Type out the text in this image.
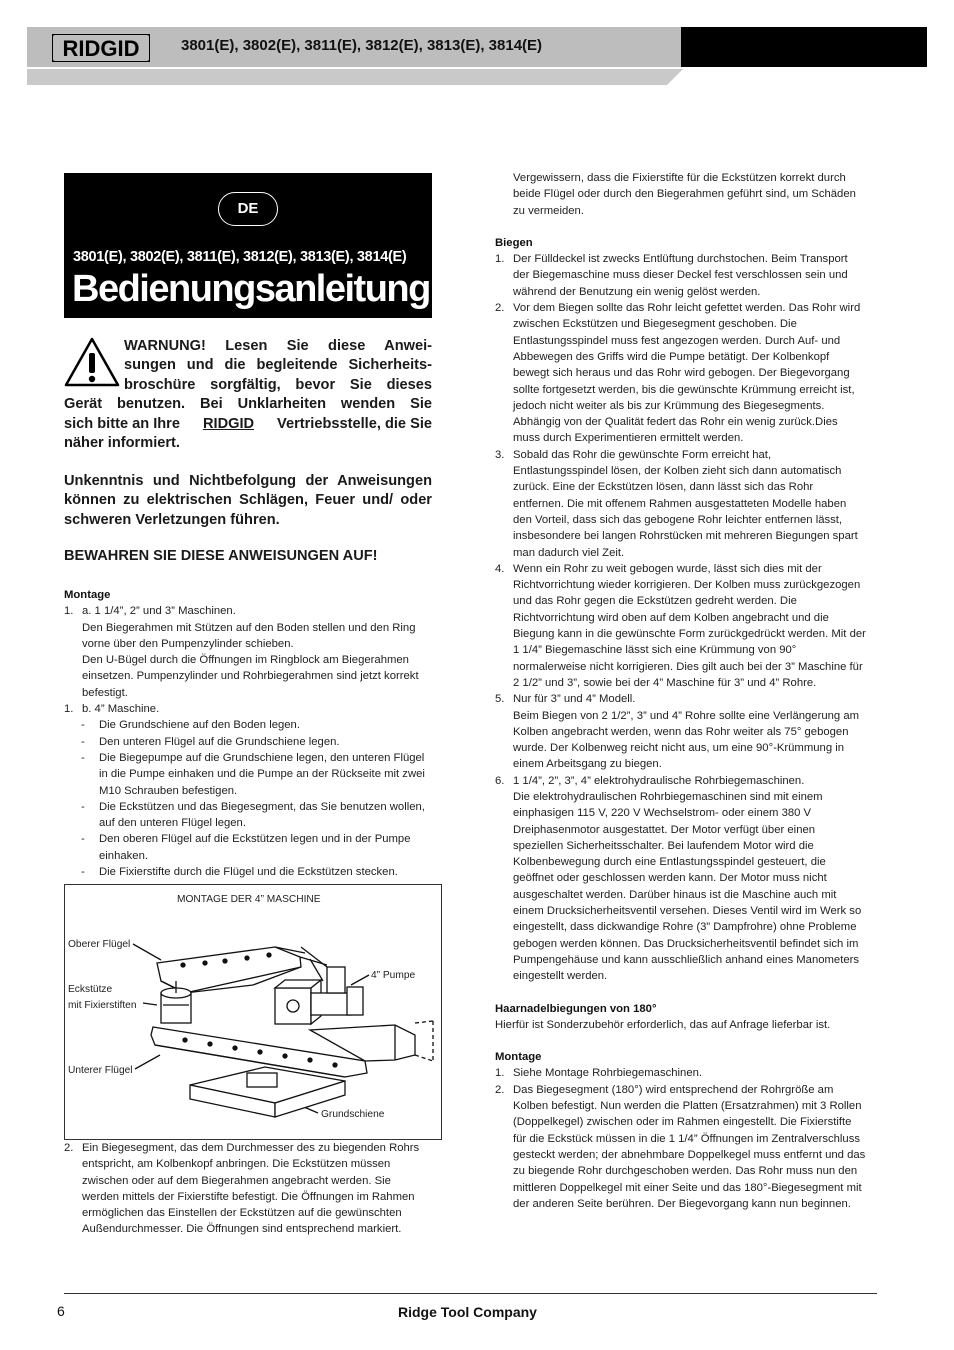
RIDGID	3801(E), 3802(E), 3811(E), 3812(E), 3813(E), 3814(E)
DE
3801(E), 3802(E), 3811(E), 3812(E), 3813(E), 3814(E)
Bedienungsanleitung
WARNUNG! Lesen Sie diese Anwei-
sungen und die begleitende Sicherheits-
broschüre sorgfältig, bevor Sie dieses
Gerät benutzen. Bei Unklarheiten wenden Sie
sich bitte an Ihre RIDGID Vertriebsstelle, die Sie
näher informiert.
Unkenntnis und Nichtbefolgung der Anweisungen können zu elektrischen Schlägen, Feuer und/ oder schweren Verletzungen führen.
BEWAHREN SIE DIESE ANWEISUNGEN AUF!
Montage
1. a. 1 1/4”, 2” und 3” Maschinen.
Den Biegerahmen mit Stützen auf den Boden stellen und den Ring vorne über den Pumpenzylinder schieben.
Den U-Bügel durch die Öffnungen im Ringblock am Biegerahmen einsetzen. Pumpenzylinder und Rohrbiegerahmen sind jetzt korrekt befestigt.
1. b. 4” Maschine.
- Die Grundschiene auf den Boden legen.
- Den unteren Flügel auf die Grundschiene legen.
- Die Biegepumpe auf die Grundschiene legen, den unteren Flügel in die Pumpe einhaken und die Pumpe an der Rückseite mit zwei M10 Schrauben befestigen.
- Die Eckstützen und das Biegesegment, das Sie benutzen wollen, auf den unteren Flügel legen.
- Den oberen Flügel auf die Eckstützen legen und in der Pumpe einhaken.
- Die Fixierstifte durch die Flügel und die Eckstützen stecken.
MONTAGE DER 4” MASCHINE
Oberer Flügel
Eckstütze
mit Fixierstiften
Unterer Flügel
4” Pumpe
Grundschiene
2. Ein Biegesegment, das dem Durchmesser des zu biegenden Rohrs entspricht, am Kolbenkopf anbringen. Die Eckstützen müssen zwischen oder auf dem Biegerahmen angebracht werden. Sie werden mittels der Fixierstifte befestigt. Die Öffnungen im Rahmen ermöglichen das Einstellen der Eckstützen auf die gewünschten Außendurchmesser. Die Öffnungen sind entsprechend markiert.
Vergewissern, dass die Fixierstifte für die Eckstützen korrekt durch beide Flügel oder durch den Biegerahmen geführt sind, um Schäden zu vermeiden.
Biegen
1. Der Fülldeckel ist zwecks Entlüftung durchstochen. Beim Transport der Biegemaschine muss dieser Deckel fest verschlossen sein und während der Benutzung ein wenig gelöst werden.
2. Vor dem Biegen sollte das Rohr leicht gefettet werden. Das Rohr wird zwischen Eckstützen und Biegesegment geschoben. Die Entlastungsspindel muss fest angezogen werden. Durch Auf- und Abbewegen des Griffs wird die Pumpe betätigt. Der Kolbenkopf bewegt sich heraus und das Rohr wird gebogen. Der Biegevorgang sollte fortgesetzt werden, bis die gewünschte Krümmung erreicht ist, jedoch nicht weiter als bis zur Krümmung des Biegesegments. Abhängig von der Qualität federt das Rohr ein wenig zurück.Dies muss durch Experimentieren ermittelt werden.
3. Sobald das Rohr die gewünschte Form erreicht hat, Entlastungsspindel lösen, der Kolben zieht sich dann automatisch zurück. Eine der Eckstützen lösen, dann lässt sich das Rohr entfernen. Die mit offenem Rahmen ausgestatteten Modelle haben den Vorteil, dass sich das gebogene Rohr leichter entfernen lässt, insbesondere bei langen Rohrstücken mit mehreren Biegungen spart man dadurch viel Zeit.
4. Wenn ein Rohr zu weit gebogen wurde, lässt sich dies mit der Richtvorrichtung wieder korrigieren. Der Kolben muss zurückgezogen und das Rohr gegen die Eckstützen gedreht werden. Die Richtvorrichtung wird oben auf dem Kolben angebracht und die Biegung kann in die gewünschte Form zurückgedrückt werden. Mit der 1 1/4” Biegemaschine lässt sich eine Krümmung von 90° normalerweise nicht korrigieren. Dies gilt auch bei der 3” Maschine für 2 1/2” und 3”, sowie bei der 4” Maschine für 3” und 4” Rohre.
5. Nur für 3” und 4” Modell.
Beim Biegen von 2 1/2”, 3” und 4” Rohre sollte eine Verlängerung am Kolben angebracht werden, wenn das Rohr weiter als 75° gebogen wurde. Der Kolbenweg reicht nicht aus, um eine 90°-Krümmung in einem Arbeitsgang zu biegen.
6. 1 1/4”, 2”, 3”, 4” elektrohydraulische Rohrbiegemaschinen.
Die elektrohydraulischen Rohrbiegemaschinen sind mit einem einphasigen 115 V, 220 V Wechselstrom- oder einem 380 V Dreiphasenmotor ausgestattet. Der Motor verfügt über einen speziellen Sicherheitsschalter. Bei laufendem Motor wird die Kolbenbewegung durch eine Entlastungsspindel gesteuert, die geöffnet oder geschlossen werden kann. Der Motor muss nicht ausgeschaltet werden. Darüber hinaus ist die Maschine auch mit einem Drucksicherheitsventil versehen. Dieses Ventil wird im Werk so eingestellt, dass dickwandige Rohre (3” Dampfrohre) ohne Probleme gebogen werden können. Das Drucksicherheitsventil befindet sich im Pumpengehäuse und kann ausschließlich anhand eines Manometers eingestellt werden.
Haarnadelbiegungen von 180°
Hierfür ist Sonderzubehör erforderlich, das auf Anfrage lieferbar ist.
Montage
1. Siehe Montage Rohrbiegemaschinen.
2. Das Biegesegment (180°) wird entsprechend der Rohrgröße am Kolben befestigt. Nun werden die Platten (Ersatzrahmen) mit 3 Rollen (Doppelkegel) zwischen oder im Rahmen eingestellt. Die Fixierstifte für die Eckstück müssen in die 1 1/4” Öffnungen im Zentralverschluss gesteckt werden; der abnehmbare Doppelkegel muss entfernt und das zu biegende Rohr durchgeschoben werden. Das Rohr muss nun den mittleren Doppelkegel mit einer Seite und das 180°-Biegesegment mit der anderen Seite berühren. Der Biegevorgang kann nun beginnen.
6	Ridge Tool Company
